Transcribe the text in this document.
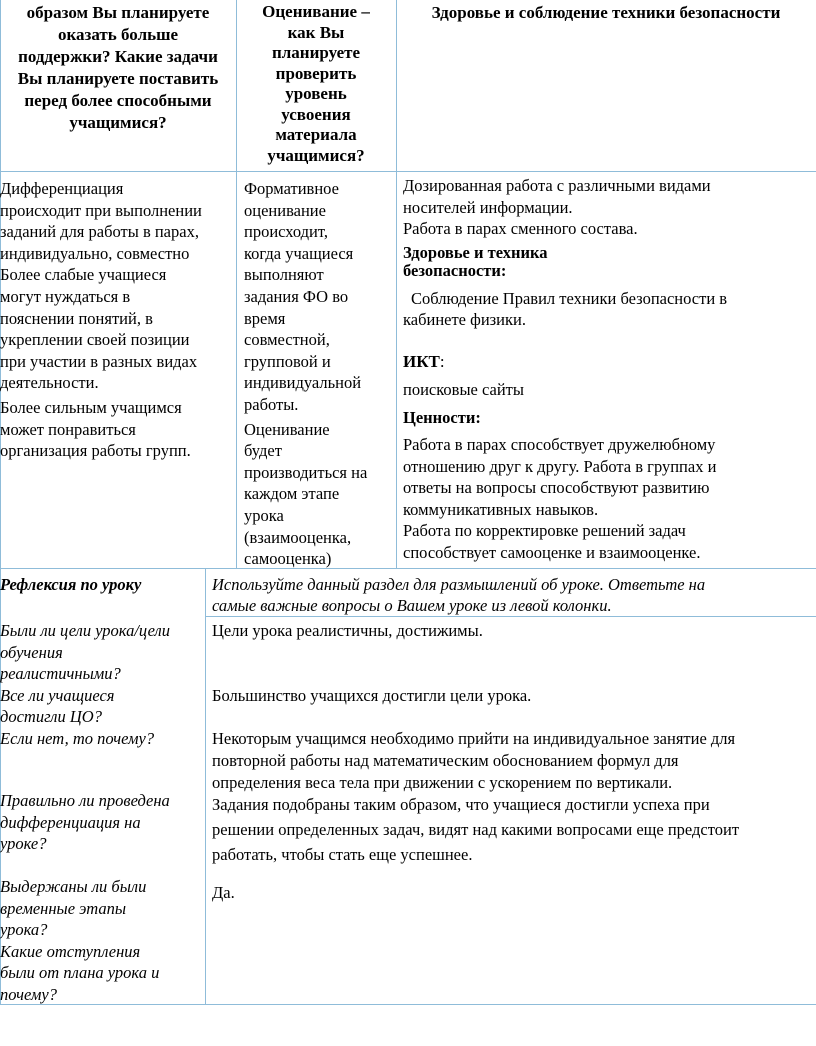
образом Вы планируете
оказать больше
поддержки? Какие задачи
Вы планируете поставить
перед более способными
учащимися?
Оценивание –
как Вы
планируете
проверить
уровень
усвоения
материала
учащимися?
Здоровье и соблюдение техники безопасности
Дифференциация
происходит при выполнении
заданий для работы в парах,
индивидуально, совместно
Более слабые учащиеся
могут нуждаться в
пояснении понятий, в
укреплении своей позиции
при участии в разных видах
деятельности.
Более сильным учащимся
может понравиться
организация работы групп.
Формативное
оценивание
происходит,
когда учащиеся
выполняют
задания ФО во
время
совместной,
групповой и
индивидуальной
работы.
Оценивание
будет
производиться на
каждом этапе
урока
(взаимооценка,
самооценка)
Дозированная работа с различными видами
носителей информации.
Работа в парах сменного состава.
Здоровье и техника
безопасности:
Соблюдение Правил техники безопасности в
кабинете физики.
ИКТ:
поисковые сайты
Ценности:
Работа в парах способствует дружелюбному
отношению друг к другу. Работа в группах и
ответы на вопросы способствуют развитию
коммуникативных навыков.
Работа по корректировке решений задач
способствует самооценке и взаимооценке.
Рефлексия по уроку	Используйте данный раздел для размышлений об уроке. Ответьте на
самые важные вопросы о Вашем уроке из левой колонки.
Были ли цели урока/цели
обучения
реалистичными?
Все ли учащиеся
достигли ЦО?
Если нет, то почему?
Правильно ли проведена
дифференциация на
уроке?
Выдержаны ли были
временные этапы
урока?
Какие отступления
были от плана урока и
почему?
Цели урока реалистичны, достижимы.
Большинство учащихся достигли цели урока.
Некоторым учащимся необходимо прийти на индивидуальное занятие для
повторной работы над математическим обоснованием формул для
определения веса тела при движении с ускорением по вертикали.
Задания подобраны таким образом, что учащиеся достигли успеха при
решении определенных задач, видят над какими вопросами еще предстоит
работать, чтобы стать еще успешнее.
Да.
